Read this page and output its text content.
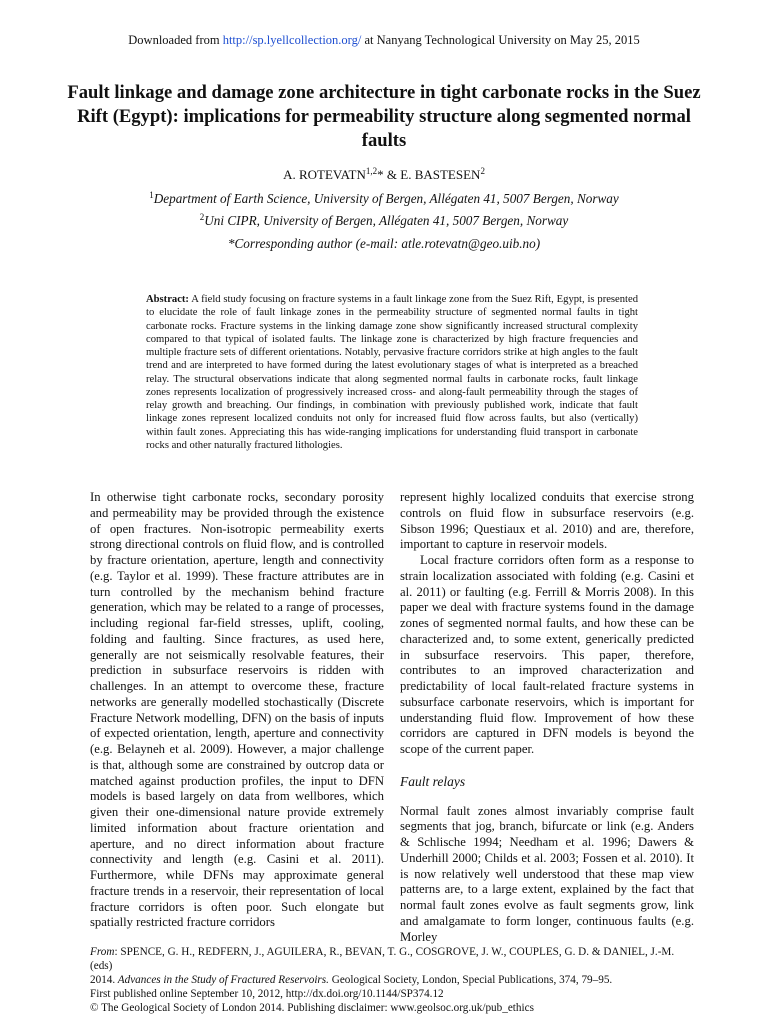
Downloaded from http://sp.lyellcollection.org/ at Nanyang Technological University on May 25, 2015
Fault linkage and damage zone architecture in tight carbonate rocks in the Suez Rift (Egypt): implications for permeability structure along segmented normal faults
A. ROTEVATN$^{1,2}$* & E. BASTESEN$^2$
$^1$Department of Earth Science, University of Bergen, Allégaten 41, 5007 Bergen, Norway
$^2$Uni CIPR, University of Bergen, Allégaten 41, 5007 Bergen, Norway
*Corresponding author (e-mail: atle.rotevatn@geo.uib.no)
Abstract: A field study focusing on fracture systems in a fault linkage zone from the Suez Rift, Egypt, is presented to elucidate the role of fault linkage zones in the permeability structure of segmented normal faults in tight carbonate rocks. Fracture systems in the linking damage zone show significantly increased structural complexity compared to that typical of isolated faults. The linkage zone is characterized by high fracture frequencies and multiple fracture sets of different orientations. Notably, pervasive fracture corridors strike at high angles to the fault trend and are interpreted to have formed during the latest evolutionary stages of what is interpreted as a breached relay. The structural observations indicate that along segmented normal faults in carbonate rocks, fault linkage zones represents localization of progressively increased cross- and along-fault permeability through the stages of relay growth and breaching. Our findings, in combination with previously published work, indicate that fault linkage zones represent localized conduits not only for increased fluid flow across faults, but also (vertically) within fault zones. Appreciating this has wide-ranging implications for understanding fluid transport in carbonate rocks and other naturally fractured lithologies.

In otherwise tight carbonate rocks, secondary porosity and permeability may be provided through the existence of open fractures. Non-isotropic permeability exerts strong directional controls on fluid flow, and is controlled by fracture orientation, aperture, length and connectivity (e.g. Taylor et al. 1999). These fracture attributes are in turn controlled by the mechanism behind fracture generation, which may be related to a range of processes, including regional far-field stresses, uplift, cooling, folding and faulting. Since fractures, as used here, generally are not seismically resolvable features, their prediction in subsurface reservoirs is ridden with challenges. In an attempt to overcome these, fracture networks are generally modelled stochastically (Discrete Fracture Network modelling, DFN) on the basis of inputs of expected orientation, length, aperture and connectivity (e.g. Belayneh et al. 2009). However, a major challenge is that, although some are constrained by outcrop data or matched against production profiles, the input to DFN models is based largely on data from wellbores, which given their one-dimensional nature provide extremely limited information about fracture orientation and aperture, and no direct information about fracture connectivity and length (e.g. Casini et al. 2011). Furthermore, while DFNs may approximate general fracture trends in a reservoir, their representation of local fracture corridors is often poor. Such elongate but spatially restricted fracture corridors

represent highly localized conduits that exercise strong controls on fluid flow in subsurface reservoirs (e.g. Sibson 1996; Questiaux et al. 2010) and are, therefore, important to capture in reservoir models.

Local fracture corridors often form as a response to strain localization associated with folding (e.g. Casini et al. 2011) or faulting (e.g. Ferrill & Morris 2008). In this paper we deal with fracture systems found in the damage zones of segmented normal faults, and how these can be characterized and, to some extent, generically predicted in subsurface reservoirs. This paper, therefore, contributes to an improved characterization and predictability of local fault-related fracture systems in subsurface carbonate reservoirs, which is important for understanding fluid flow. Improvement of how these corridors are captured in DFN models is beyond the scope of the current paper.

Fault relays

Normal fault zones almost invariably comprise fault segments that jog, branch, bifurcate or link (e.g. Anders & Schlische 1994; Needham et al. 1996; Dawers & Underhill 2000; Childs et al. 2003; Fossen et al. 2010). It is now relatively well understood that these map view patterns are, to a large extent, explained by the fact that normal fault zones evolve as fault segments grow, link and amalgamate to form longer, continuous faults (e.g. Morley

From: SPENCE, G. H., REDFERN, J., AGUILERA, R., BEVAN, T. G., COSGROVE, J. W., COUPLES, G. D. & DANIEL, J.-M. (eds)
2014. Advances in the Study of Fractured Reservoirs. Geological Society, London, Special Publications, 374, 79–95.
First published online September 10, 2012, http://dx.doi.org/10.1144/SP374.12
© The Geological Society of London 2014. Publishing disclaimer: www.geolsoc.org.uk/pub_ethics
